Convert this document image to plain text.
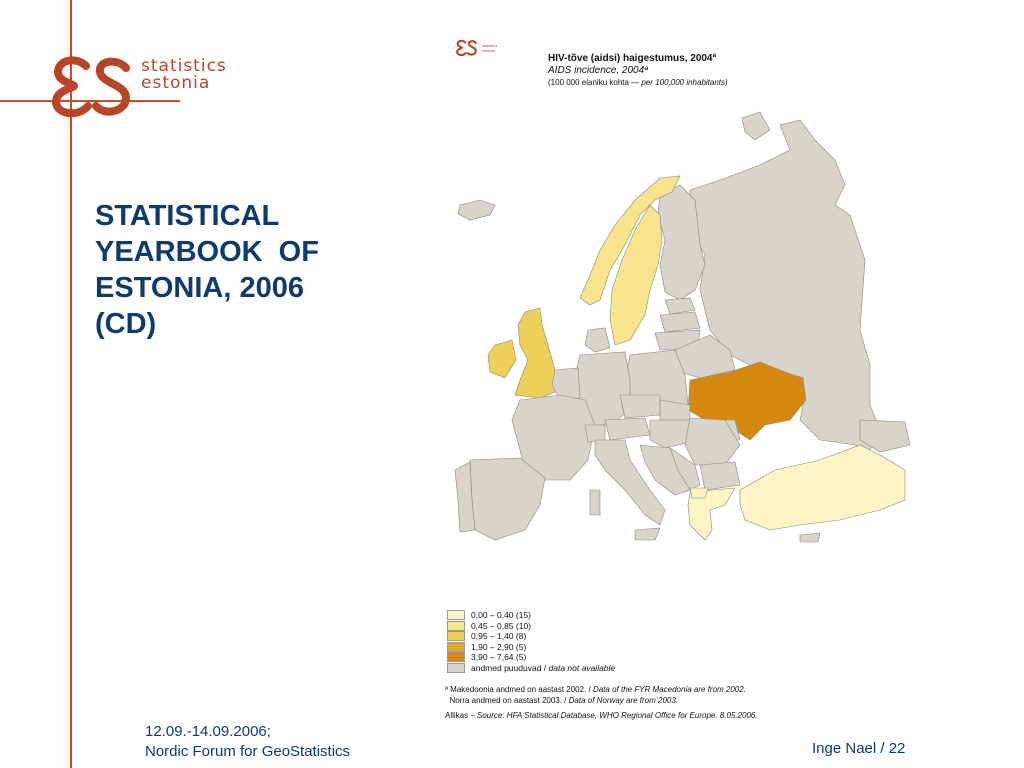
statistics
estonia
STATISTICAL
YEARBOOK  OF
ESTONIA, 2006
(CD)
statistics
estonia
HIV-tõve (aidsi) haigestumus, 2004ª
AIDS incidence, 2004ª
(100 000 elaniku kohta — per 100,000 inhabitants)
0,00 – 0,40 (15)
0,45 – 0,85 (10)
0,95 – 1,40 (8)
1,90 – 2,90 (5)
3,90 – 7,64 (5)
andmed puuduvad / data not available
ª Makedoonia andmed on aastast 2002. / Data of the FYR Macedonia are from 2002.
Norra andmed on aastast 2003. / Data of Norway are from 2003.
Allikas – Source: HFA Statistical Database, WHO Regional Office for Europe. 8.05.2006.
12.09.-14.09.2006;
Nordic Forum for GeoStatistics	Inge Nael / 22
